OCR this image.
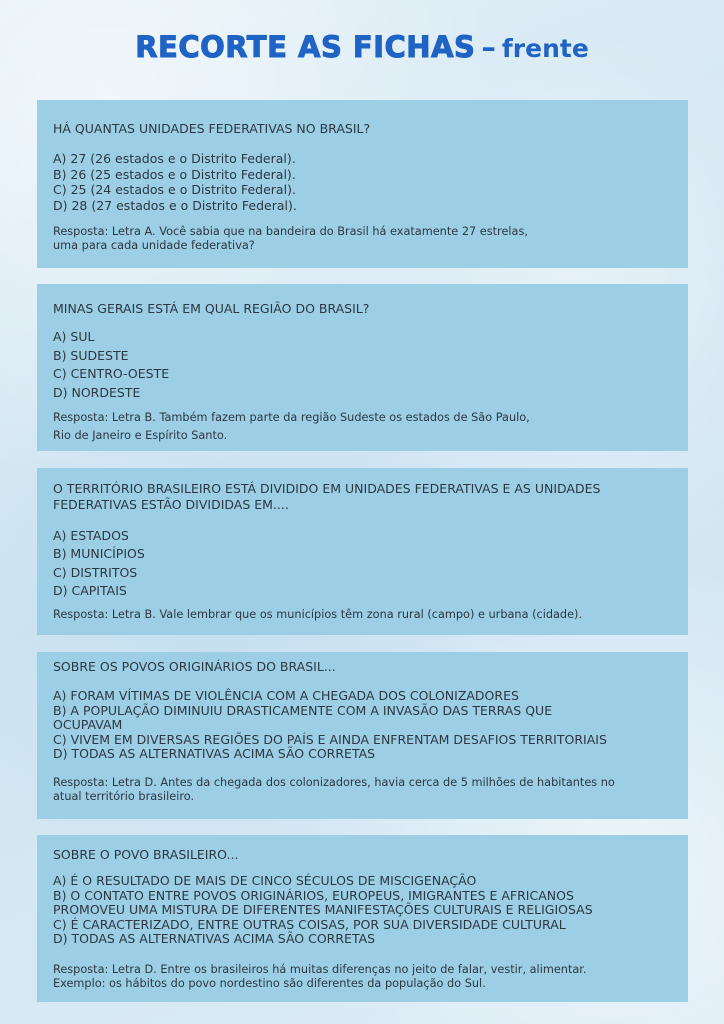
RECORTE AS FICHAS – frente

HÁ QUANTAS UNIDADES FEDERATIVAS NO BRASIL?

A) 27 (26 estados e o Distrito Federal).
B) 26 (25 estados e o Distrito Federal).
C) 25 (24 estados e o Distrito Federal).
D) 28 (27 estados e o Distrito Federal).

Resposta: Letra A. Você sabia que na bandeira do Brasil há exatamente 27 estrelas,

uma para cada unidade federativa?

MINAS GERAIS ESTÁ EM QUAL REGIÃO DO BRASIL?

A) SUL
B) SUDESTE
C) CENTRO-OESTE
D) NORDESTE

Resposta: Letra B. Também fazem parte da região Sudeste os estados de São Paulo,

Rio de Janeiro e Espírito Santo.

O TERRITÓRIO BRASILEIRO ESTÁ DIVIDIDO EM UNIDADES FEDERATIVAS E AS UNIDADES

FEDERATIVAS ESTÃO DIVIDIDAS EM....

A) ESTADOS
B) MUNICÍPIOS
C) DISTRITOS
D) CAPITAIS

Resposta: Letra B. Vale lembrar que os municípios têm zona rural (campo) e urbana (cidade).

SOBRE OS POVOS ORIGINÁRIOS DO BRASIL...

A) FORAM VÍTIMAS DE VIOLÊNCIA COM A CHEGADA DOS COLONIZADORES

B) A POPULAÇÃO DIMINUIU DRASTICAMENTE COM A INVASÃO DAS TERRAS QUE

OCUPAVAM

C) VIVEM EM DIVERSAS REGIÕES DO PAÍS E AINDA ENFRENTAM DESAFIOS TERRITORIAIS

D) TODAS AS ALTERNATIVAS ACIMA SÃO CORRETAS

Resposta: Letra D. Antes da chegada dos colonizadores, havia cerca de 5 milhões de habitantes no

atual território brasileiro.

SOBRE O POVO BRASILEIRO...

A) É O RESULTADO DE MAIS DE CINCO SÉCULOS DE MISCIGENAÇÃO

B) O CONTATO ENTRE POVOS ORIGINÁRIOS, EUROPEUS, IMIGRANTES E AFRICANOS

PROMOVEU UMA MISTURA DE DIFERENTES MANIFESTAÇÕES CULTURAIS E RELIGIOSAS

C) É CARACTERIZADO, ENTRE OUTRAS COISAS, POR SUA DIVERSIDADE CULTURAL

D) TODAS AS ALTERNATIVAS ACIMA SÃO CORRETAS

Resposta: Letra D. Entre os brasileiros há muitas diferenças no jeito de falar, vestir, alimentar.

Exemplo: os hábitos do povo nordestino são diferentes da população do Sul.
